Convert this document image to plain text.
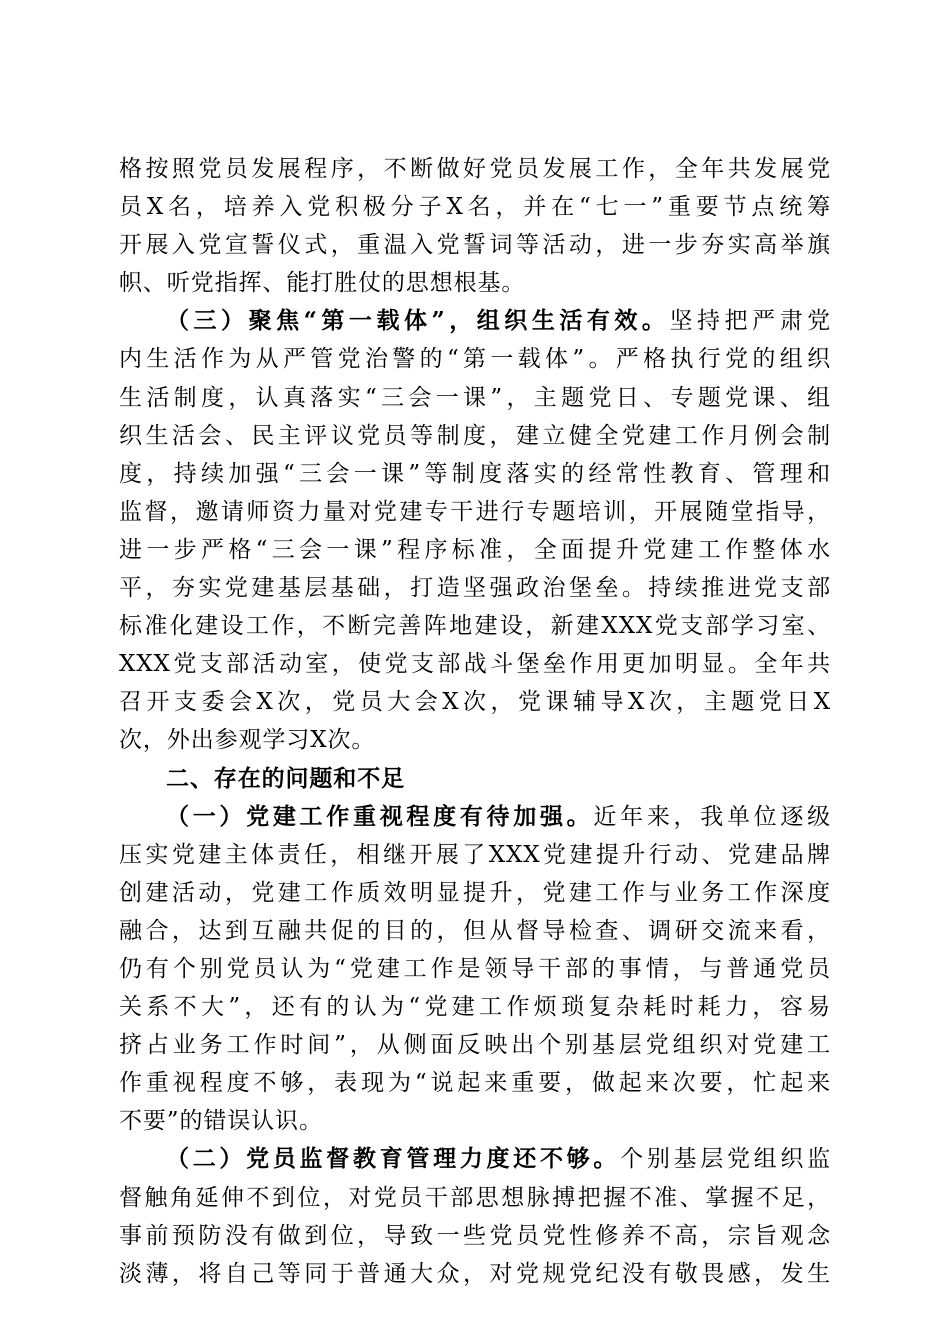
格按照党员发展程序，不断做好党员发展工作，全年共发展党
员X名，培养入党积极分子X名，并在“七一”重要节点统筹
开展入党宣誓仪式，重温入党誓词等活动，进一步夯实高举旗
帜、听党指挥、能打胜仗的思想根基。
（三）聚焦“第一载体”，组织生活有效。坚持把严肃党
内生活作为从严管党治警的“第一载体”。严格执行党的组织
生活制度，认真落实“三会一课”，主题党日、专题党课、组
织生活会、民主评议党员等制度，建立健全党建工作月例会制
度，持续加强“三会一课”等制度落实的经常性教育、管理和
监督，邀请师资力量对党建专干进行专题培训，开展随堂指导，
进一步严格“三会一课”程序标准，全面提升党建工作整体水
平，夯实党建基层基础，打造坚强政治堡垒。持续推进党支部
标准化建设工作，不断完善阵地建设，新建XXX党支部学习室、
XXX党支部活动室，使党支部战斗堡垒作用更加明显。全年共
召开支委会X次，党员大会X次，党课辅导X次，主题党日X
次，外出参观学习X次。
二、存在的问题和不足
（一）党建工作重视程度有待加强。近年来，我单位逐级
压实党建主体责任，相继开展了XXX党建提升行动、党建品牌
创建活动，党建工作质效明显提升，党建工作与业务工作深度
融合，达到互融共促的目的，但从督导检查、调研交流来看，
仍有个别党员认为“党建工作是领导干部的事情，与普通党员
关系不大”，还有的认为“党建工作烦琐复杂耗时耗力，容易
挤占业务工作时间”，从侧面反映出个别基层党组织对党建工
作重视程度不够，表现为“说起来重要，做起来次要，忙起来
不要”的错误认识。
（二）党员监督教育管理力度还不够。个别基层党组织监
督触角延伸不到位，对党员干部思想脉搏把握不准、掌握不足，
事前预防没有做到位，导致一些党员党性修养不高，宗旨观念
淡薄，将自己等同于普通大众，对党规党纪没有敬畏感，发生
